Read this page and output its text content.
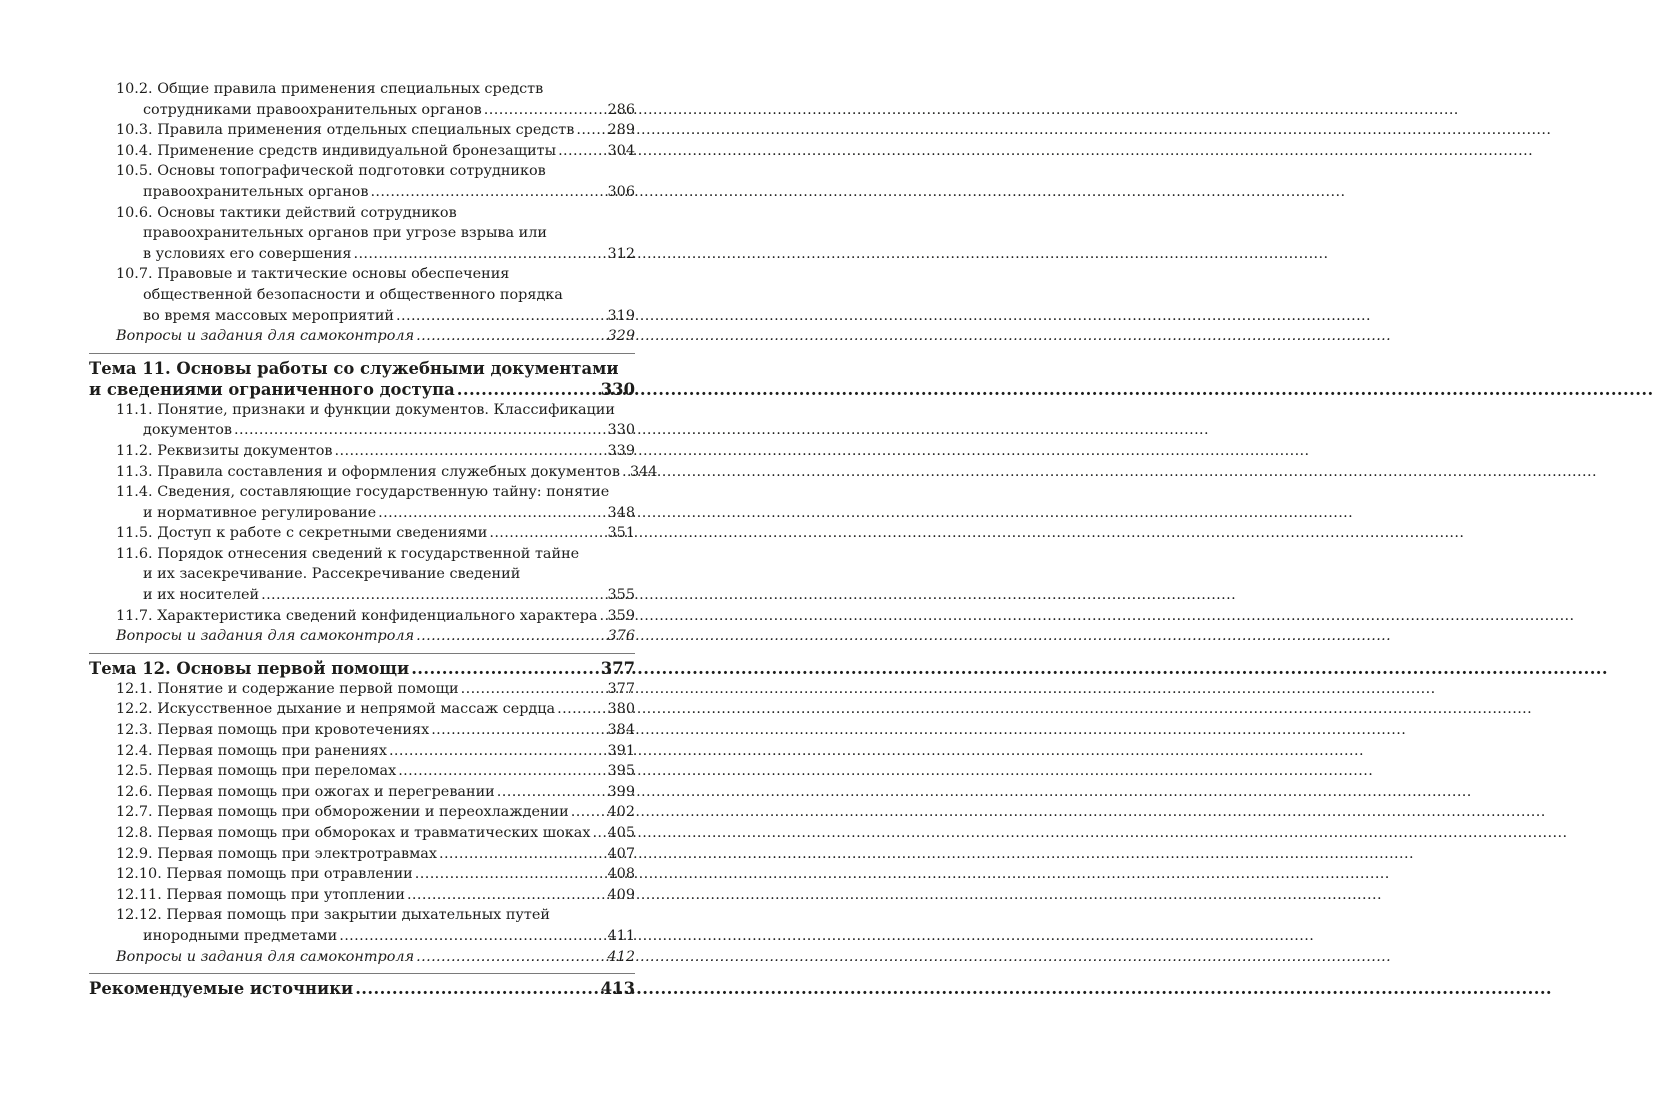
10.2. Общие правила применения специальных средств
сотрудниками правоохранительных органов .....	286
10.3. Правила применения отдельных специальных средств ..... 289
10.4. Применение средств индивидуальной бронезащиты .....	304
10.5. Основы топографической подготовки сотрудников
правоохранительных органов .....	306
10.6. Основы тактики действий сотрудников
правоохранительных органов при угрозе взрыва или
в условиях его совершения .....	312
10.7. Правовые и тактические основы обеспечения
общественной безопасности и общественного порядка
во время массовых мероприятий .....	319
Вопросы и задания для самоконтроля .....	329
Тема 11. Основы работы со служебными документами
и сведениями ограниченного доступа .....	330
11.1. Понятие, признаки и функции документов. Классификации
документов .....	330
11.2. Реквизиты документов .....	339
11.3. Правила составления и оформления служебных документов ..... 344
11.4. Сведения, составляющие государственную тайну: понятие
и нормативное регулирование .....	348
11.5. Доступ к работе с секретными сведениями .....	351
11.6. Порядок отнесения сведений к государственной тайне
и их засекречивание. Рассекречивание сведений
и их носителей .....	355
11.7. Характеристика сведений конфиденциального характера ..... 359
Вопросы и задания для самоконтроля .....	376
Тема 12. Основы первой помощи .....	377
12.1. Понятие и содержание первой помощи .....	377
12.2. Искусственное дыхание и непрямой массаж сердца .....	380
12.3. Первая помощь при кровотечениях .....	384
12.4. Первая помощь при ранениях .....	391
12.5. Первая помощь при переломах .....	395
12.6. Первая помощь при ожогах и перегревании .....	399
12.7. Первая помощь при обморожении и переохлаждении .....	402
12.8. Первая помощь при обмороках и травматических шоках ..... 405
12.9. Первая помощь при электротравмах .....	407
12.10. Первая помощь при отравлении .....	408
12.11. Первая помощь при утоплении .....	409
12.12. Первая помощь при закрытии дыхательных путей
инородными предметами .....	411
Вопросы и задания для самоконтроля .....	412
Рекомендуемые источники .....	413
